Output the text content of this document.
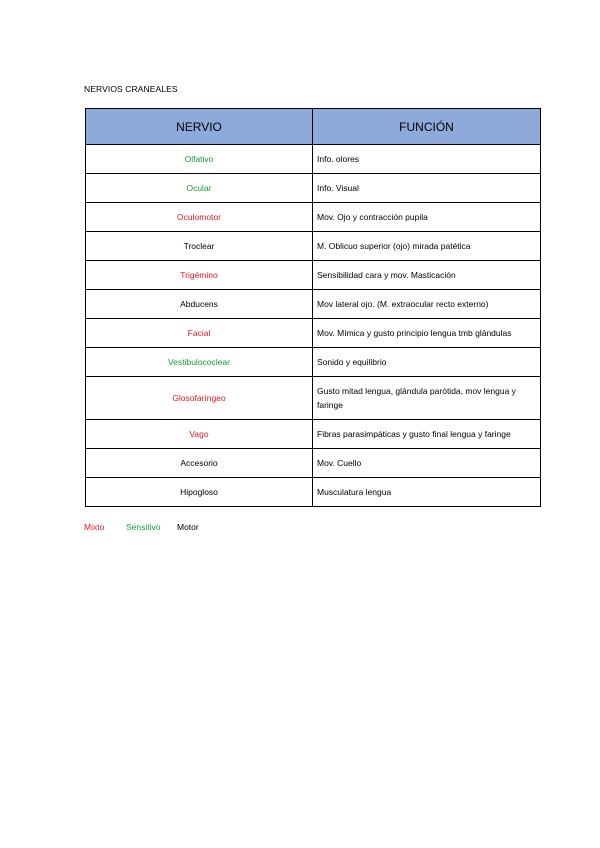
NERVIOS CRANEALES
NERVIO	FUNCIÓN
Olfativo	Info. olores
Ocular	Info. Visual
Oculomotor	Mov. Ojo y contracción pupila
Troclear	M. Oblicuo superior (ojo) mirada patética
Trigémino	Sensibilidad cara y mov. Masticación
Abducens	Mov lateral ojo. (M. extraocular recto externo)
Facial	Mov. Mímica y gusto principio lengua tmb glándulas
Vestibulococlear	Sonido y equilibrio
Glosofaríngeo	Gusto mitad lengua, glándula parótida, mov lengua y faringe
Vago	Fibras parasimpáticas y gusto final lengua y faringe
Accesorio	Mov. Cuello
Hipogloso	Musculatura lengua
Mixto	Sensitivo Motor
